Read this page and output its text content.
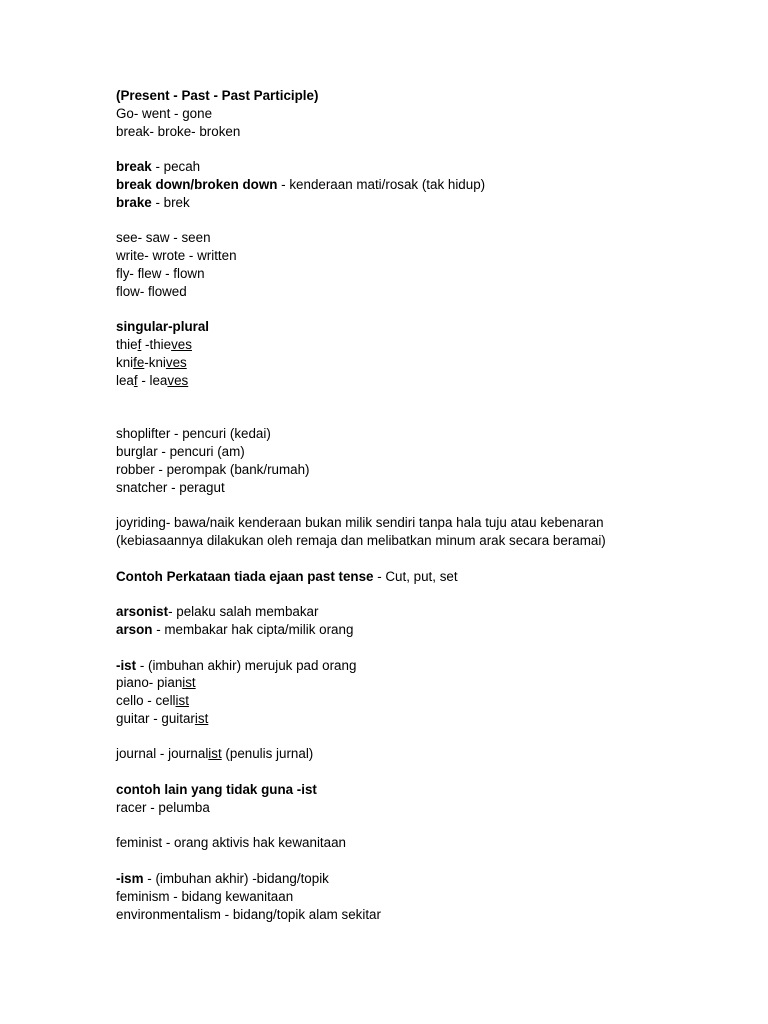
(Present - Past - Past Participle)
Go- went - gone
break- broke- broken
break - pecah
break down/broken down - kenderaan mati/rosak (tak hidup)
brake - brek
see- saw - seen
write- wrote - written
fly- flew - flown
flow- flowed
singular-plural
thief -thieves
knife-knives
leaf - leaves
shoplifter - pencuri (kedai)
burglar - pencuri (am)
robber - perompak (bank/rumah)
snatcher - peragut
joyriding- bawa/naik kenderaan bukan milik sendiri tanpa hala tuju atau kebenaran
(kebiasaannya dilakukan oleh remaja dan melibatkan minum arak secara beramai)
Contoh Perkataan tiada ejaan past tense - Cut, put, set
arsonist- pelaku salah membakar
arson - membakar hak cipta/milik orang
-ist - (imbuhan akhir) merujuk pad orang
piano- pianist
cello - cellist
guitar - guitarist
journal - journalist (penulis jurnal)
contoh lain yang tidak guna -ist
racer - pelumba
feminist - orang aktivis hak kewanitaan
-ism - (imbuhan akhir) -bidang/topik
feminism - bidang kewanitaan
environmentalism - bidang/topik alam sekitar
